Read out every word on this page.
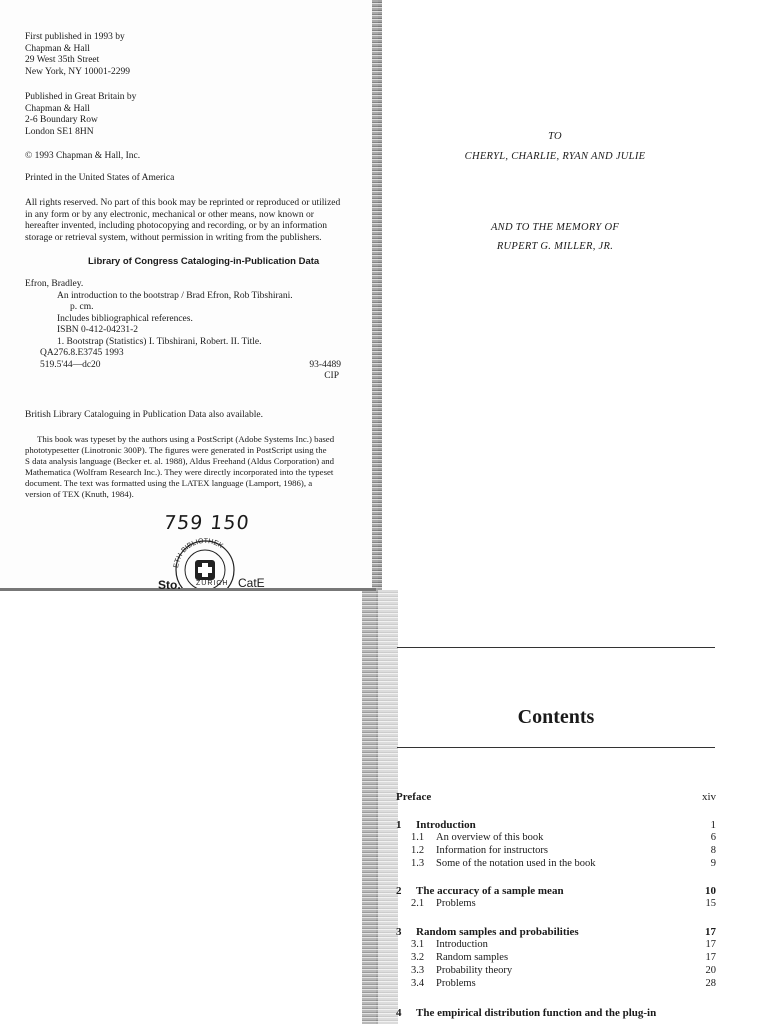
First published in 1993 by
Chapman & Hall
29 West 35th Street
New York, NY 10001-2299
Published in Great Britain by
Chapman & Hall
2-6 Boundary Row
London SE1 8HN
© 1993 Chapman & Hall, Inc.
Printed in the United States of America
All rights reserved. No part of this book may be reprinted or reproduced or utilized
in any form or by any electronic, mechanical or other means, now known or
hereafter invented, including photocopying and recording, or by an information
storage or retrieval system, without permission in writing from the publishers.
Library of Congress Cataloging-in-Publication Data
Efron, Bradley.
An introduction to the bootstrap / Brad Efron, Rob Tibshirani.
p. cm.
Includes bibliographical references.
ISBN 0-412-04231-2
1. Bootstrap (Statistics) I. Tibshirani, Robert. II. Title.
QA276.8.E3745 1993
519.5'44—dc20	93-4489
CIP
British Library Cataloguing in Publication Data also available.
This book was typeset by the authors using a PostScript (Adobe Systems Inc.) based
phototypesetter (Linotronic 300P). The figures were generated in PostScript using the
S data analysis language (Becker et. al. 1988), Aldus Freehand (Aldus Corporation) and
Mathematica (Wolfram Research Inc.). They were directly incorporated into the typeset
document. The text was formatted using the LATEX language (Lamport, 1986), a
version of TEX (Knuth, 1984).
759 150
ETH-BIBLIOTHEK
Sto.	CatE
ZÜRICH
TO
CHERYL, CHARLIE, RYAN AND JULIE
AND TO THE MEMORY OF
RUPERT G. MILLER, JR.
Contents
Preface	xiv
1 Introduction	1
1.1 An overview of this book	6
1.2 Information for instructors	8
1.3 Some of the notation used in the book	9
2 The accuracy of a sample mean	10
2.1 Problems	15
3 Random samples and probabilities	17
3.1 Introduction	17
3.2 Random samples	17
3.3 Probability theory	20
3.4 Problems	28
4 The empirical distribution function and the plug-in
